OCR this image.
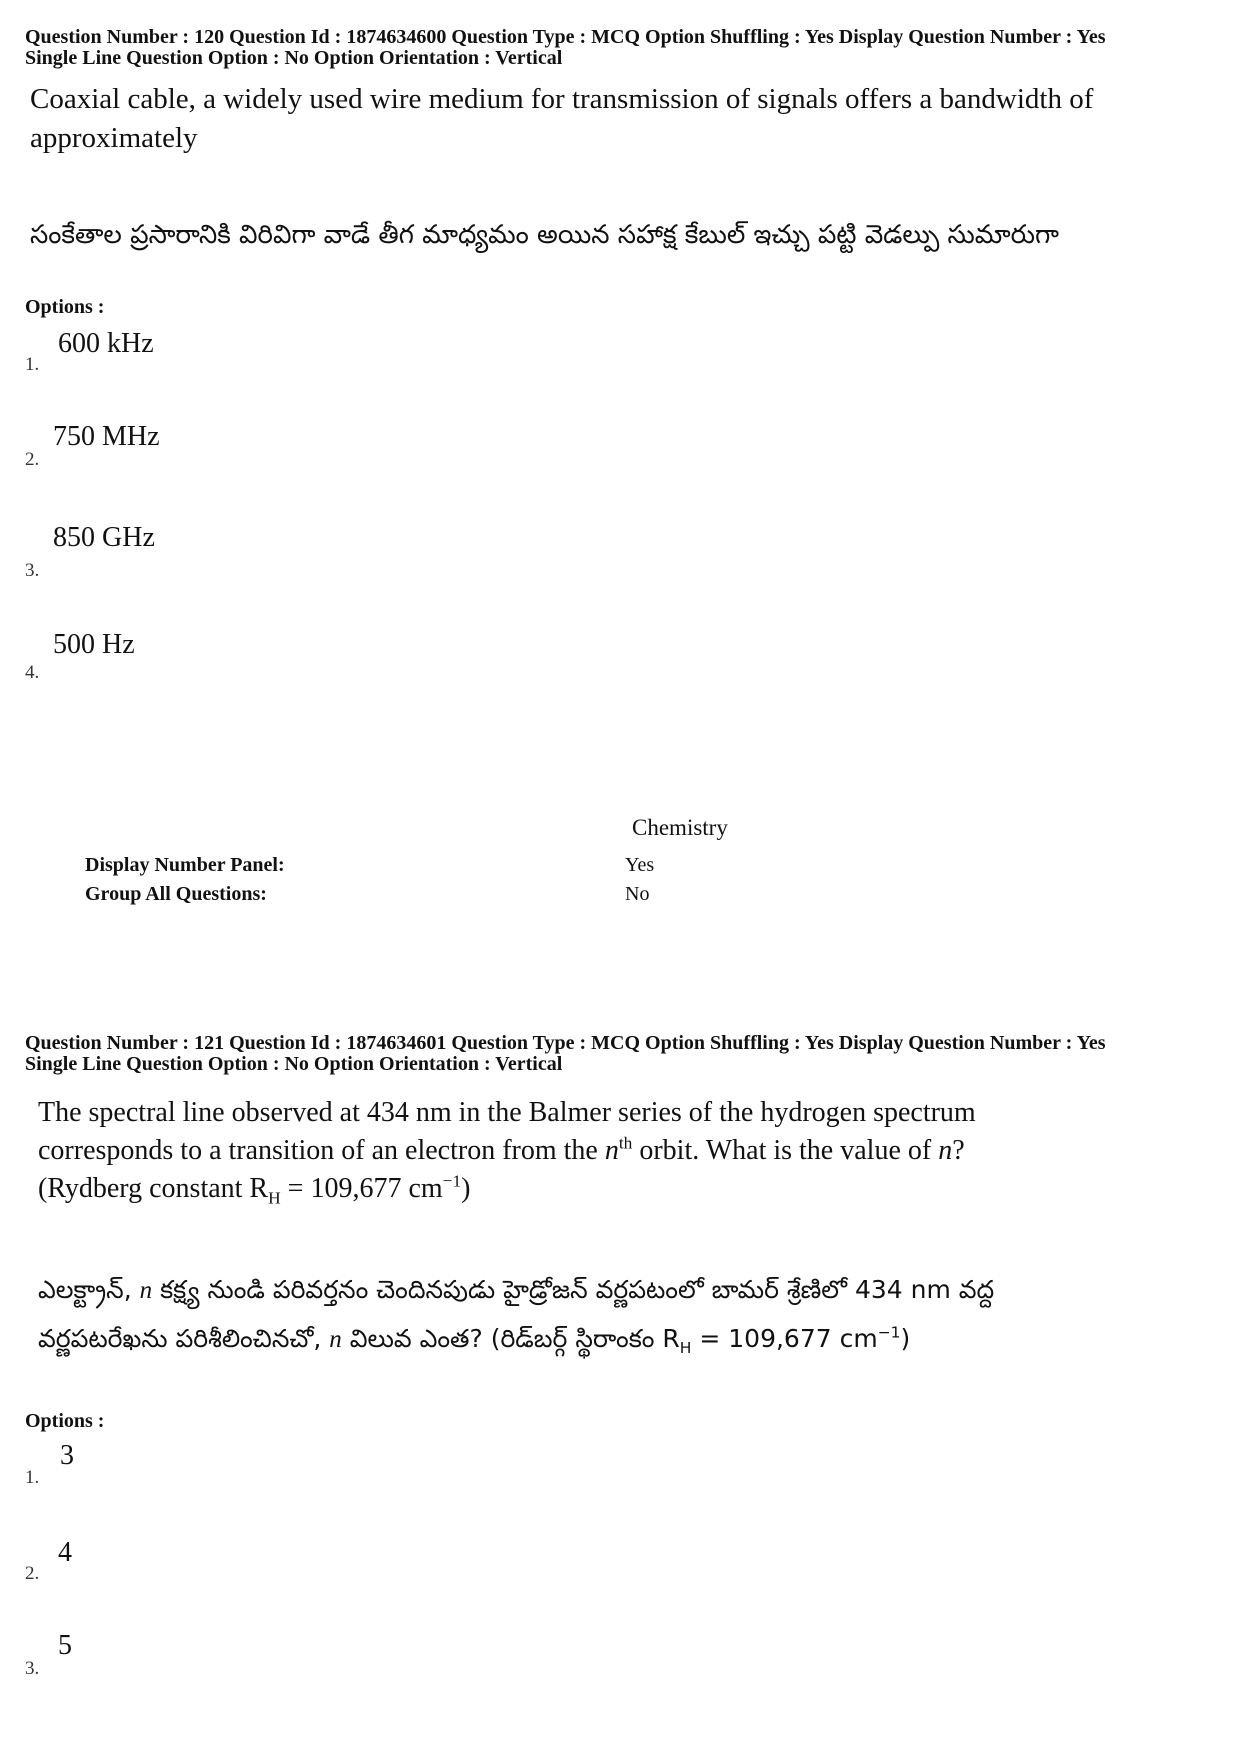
Question Number : 120 Question Id : 1874634600 Question Type : MCQ Option Shuffling : Yes Display Question Number : Yes
Single Line Question Option : No Option Orientation : Vertical
Coaxial cable, a widely used wire medium for transmission of signals offers a bandwidth of approximately
సంకేతాల ప్రసారానికి విరివిగా వాడే తీగ మాధ్యమం అయిన సహాక్ష కేబుల్ ఇచ్చు పట్టి వెడల్పు సుమారుగా
Options :
1.
600 kHz
2.
750 MHz
3.
850 GHz
4.
500 Hz
Chemistry
Display Number Panel:	Yes
Group All Questions:	No
Question Number : 121 Question Id : 1874634601 Question Type : MCQ Option Shuffling : Yes Display Question Number : Yes
Single Line Question Option : No Option Orientation : Vertical
The spectral line observed at 434 nm in the Balmer series of the hydrogen spectrum
corresponds to a transition of an electron from the $n^{th}$ orbit. What is the value of n?
(Rydberg constant $R_H = 109,677$ $cm^{-1}$)
ఎలక్ట్రాన్, n కక్ష్య నుండి పరివర్తనం చెందినపుడు హైడ్రోజన్ వర్ణపటంలో బామర్ శ్రేణిలో 434 nm వద్ద
వర్ణపటరేఖను పరిశీలించినచో, n విలువ ఎంత? (రిడ్‌బర్గ్ స్థిరాంకం $R_H = 109,677$ $cm^{-1}$)
Options :
1.
3
2.
4
3.
5
